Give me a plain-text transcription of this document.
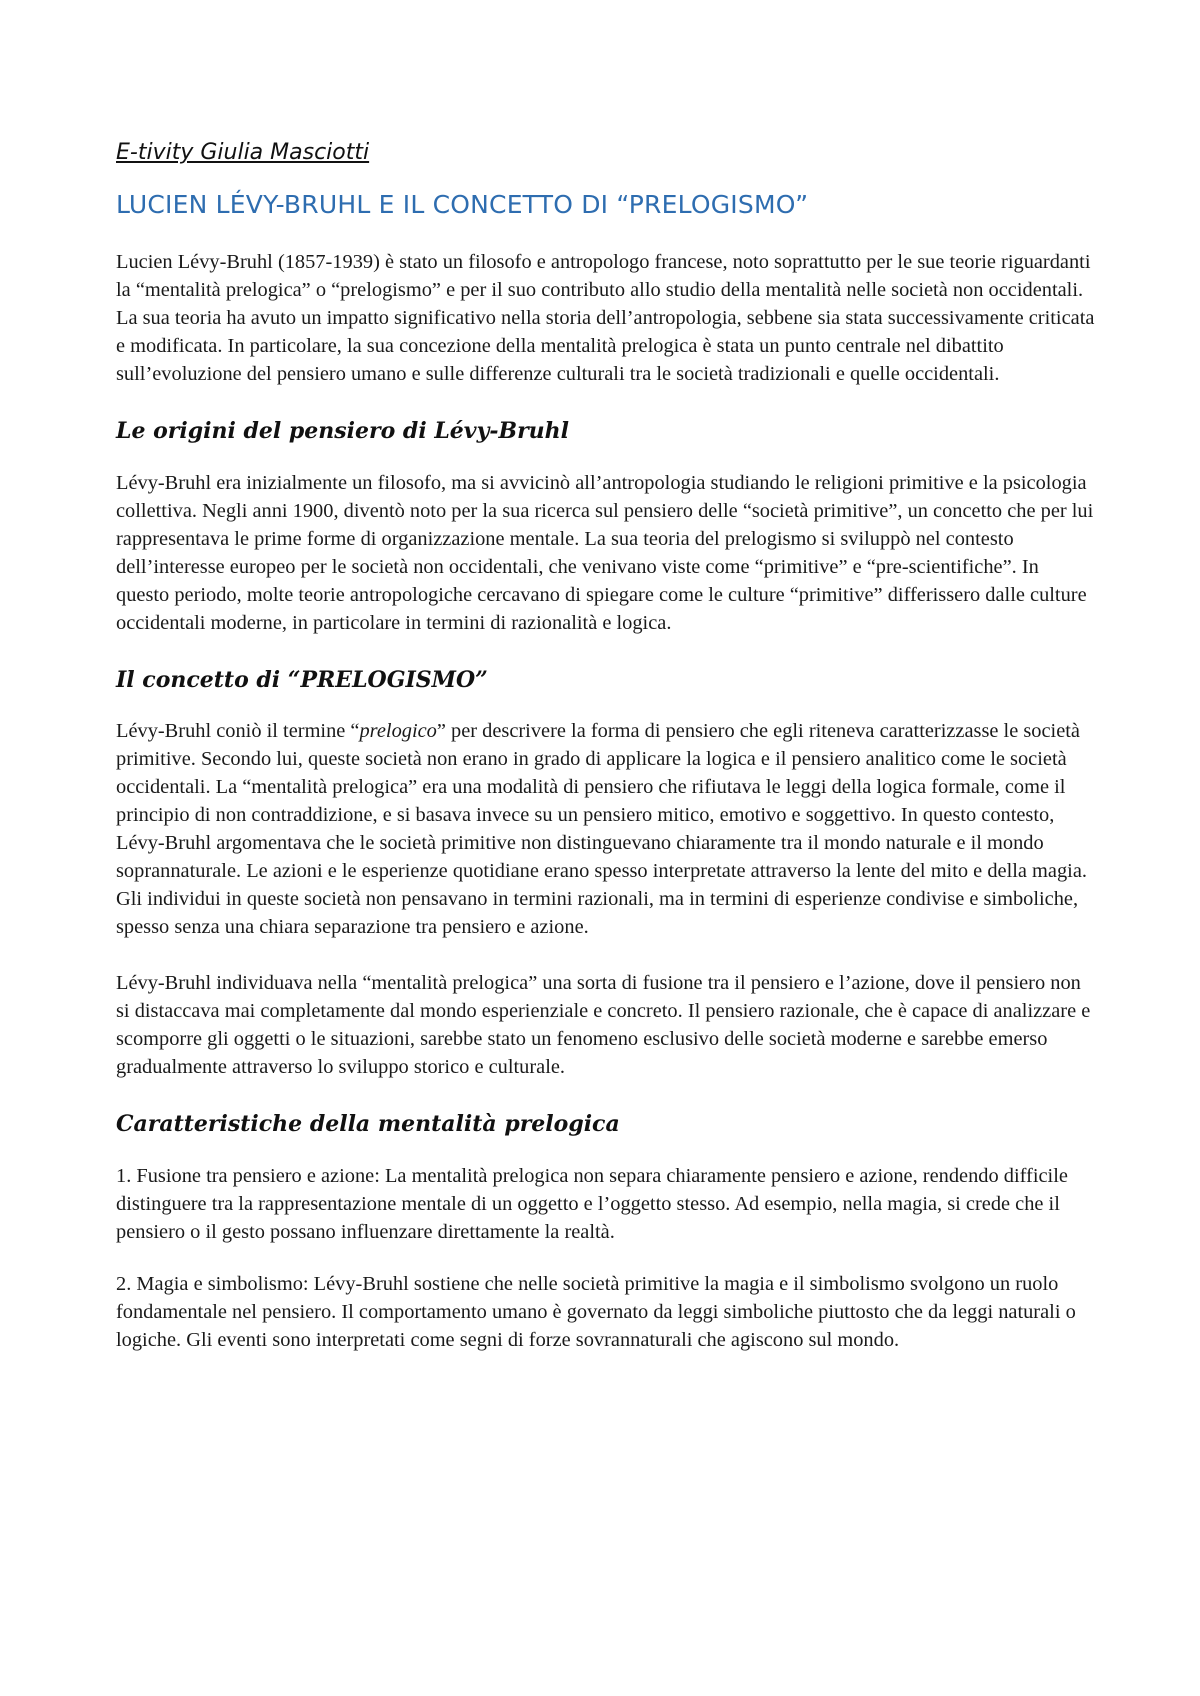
E-tivity Giulia Masciotti
LUCIEN LÉVY-BRUHL E IL CONCETTO DI “PRELOGISMO”

Lucien Lévy-Bruhl (1857-1939) è stato un filosofo e antropologo francese, noto soprattutto per le sue teorie riguardanti la “mentalità prelogica” o “prelogismo” e per il suo contributo allo studio della mentalità nelle società non occidentali. La sua teoria ha avuto un impatto significativo nella storia dell’antropologia, sebbene sia stata successivamente criticata e modificata. In particolare, la sua concezione della mentalità prelogica è stata un punto centrale nel dibattito sull’evoluzione del pensiero umano e sulle differenze culturali tra le società tradizionali e quelle occidentali.

Le origini del pensiero di Lévy-Bruhl

Lévy-Bruhl era inizialmente un filosofo, ma si avvicinò all’antropologia studiando le religioni primitive e la psicologia collettiva. Negli anni 1900, diventò noto per la sua ricerca sul pensiero delle “società primitive”, un concetto che per lui rappresentava le prime forme di organizzazione mentale. La sua teoria del prelogismo si sviluppò nel contesto dell’interesse europeo per le società non occidentali, che venivano viste come “primitive” e “pre-scientifiche”. In questo periodo, molte teorie antropologiche cercavano di spiegare come le culture “primitive” differissero dalle culture occidentali moderne, in particolare in termini di razionalità e logica.

Il concetto di “PRELOGISMO”

Lévy-Bruhl coniò il termine “prelogico” per descrivere la forma di pensiero che egli riteneva caratterizzasse le società primitive. Secondo lui, queste società non erano in grado di applicare la logica e il pensiero analitico come le società occidentali. La “mentalità prelogica” era una modalità di pensiero che rifiutava le leggi della logica formale, come il principio di non contraddizione, e si basava invece su un pensiero mitico, emotivo e soggettivo. In questo contesto, Lévy-Bruhl argomentava che le società primitive non distinguevano chiaramente tra il mondo naturale e il mondo soprannaturale. Le azioni e le esperienze quotidiane erano spesso interpretate attraverso la lente del mito e della magia. Gli individui in queste società non pensavano in termini razionali, ma in termini di esperienze condivise e simboliche, spesso senza una chiara separazione tra pensiero e azione.

Lévy-Bruhl individuava nella “mentalità prelogica” una sorta di fusione tra il pensiero e l’azione, dove il pensiero non si distaccava mai completamente dal mondo esperienziale e concreto. Il pensiero razionale, che è capace di analizzare e scomporre gli oggetti o le situazioni, sarebbe stato un fenomeno esclusivo delle società moderne e sarebbe emerso gradualmente attraverso lo sviluppo storico e culturale.

Caratteristiche della mentalità prelogica

1. Fusione tra pensiero e azione: La mentalità prelogica non separa chiaramente pensiero e azione, rendendo difficile distinguere tra la rappresentazione mentale di un oggetto e l’oggetto stesso. Ad esempio, nella magia, si crede che il pensiero o il gesto possano influenzare direttamente la realtà.

2. Magia e simbolismo: Lévy-Bruhl sostiene che nelle società primitive la magia e il simbolismo svolgono un ruolo fondamentale nel pensiero. Il comportamento umano è governato da leggi simboliche piuttosto che da leggi naturali o logiche. Gli eventi sono interpretati come segni di forze sovrannaturali che agiscono sul mondo.
